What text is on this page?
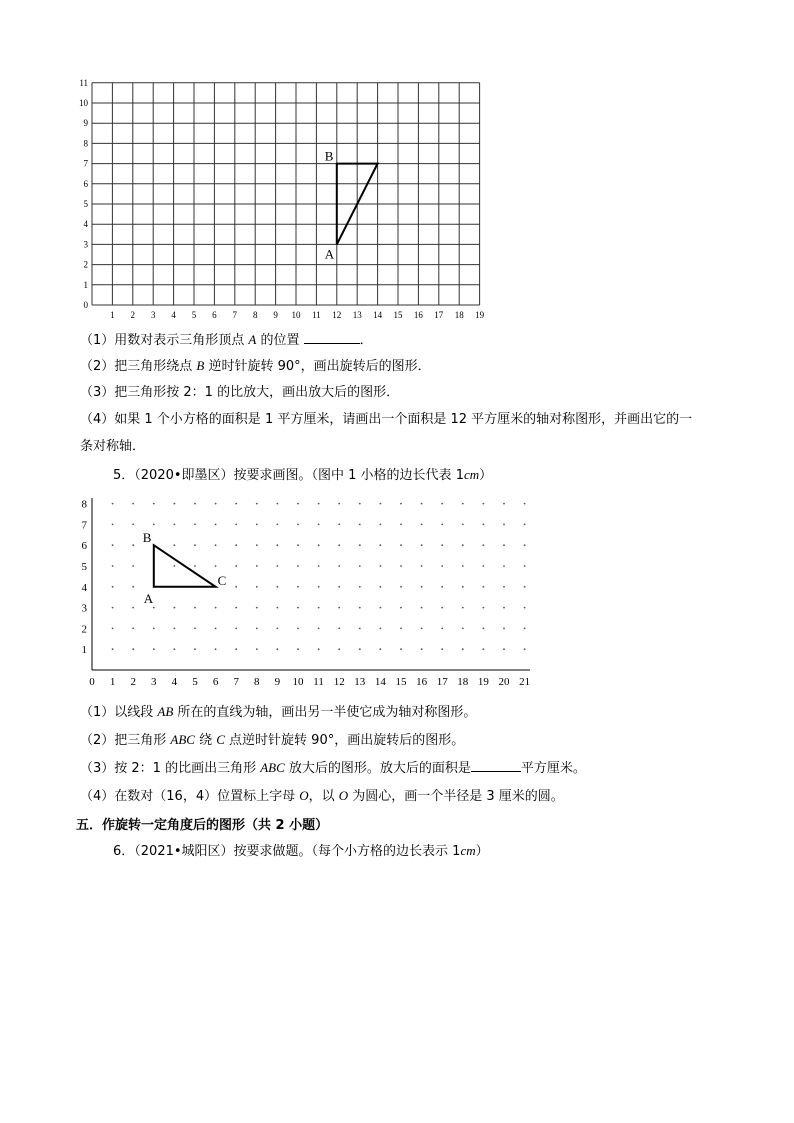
1 2 3 4 5 6 7 8 9 10 11 12 13 14 15 16 17 18 19
0
1
2
3
4
5
6
7
8
9
10
11
A
B
（1）用数对表示三角形顶点 A 的位置	．
（2）把三角形绕点 B 逆时针旋转 90°，画出旋转后的图形．
（3）把三角形按 2：1 的比放大，画出放大后的图形．
（4）如果 1 个小方格的面积是 1 平方厘米，请画出一个面积是 12 平方厘米的轴对称图形，并画出它的一
条对称轴．
5．（2020•即墨区）按要求画图。（图中 1 小格的边长代表 1cm）
0 1 2 3 4 5 6 7 8 9 10 11 12 13 14 15 16 17 18 19 20 21
1
2
3
4
5
6
7
8
A
B
C
（1）以线段 AB 所在的直线为轴，画出另一半使它成为轴对称图形。
（2）把三角形 ABC 绕 C 点逆时针旋转 90°，画出旋转后的图形。
（3）按 2：1 的比画出三角形 ABC 放大后的图形。放大后的面积是	平方厘米。
（4）在数对（16，4）位置标上字母 O，以 O 为圆心，画一个半径是 3 厘米的圆。
五．作旋转一定角度后的图形（共 2 小题）
6．（2021•城阳区）按要求做题。（每个小方格的边长表示 1cm）
